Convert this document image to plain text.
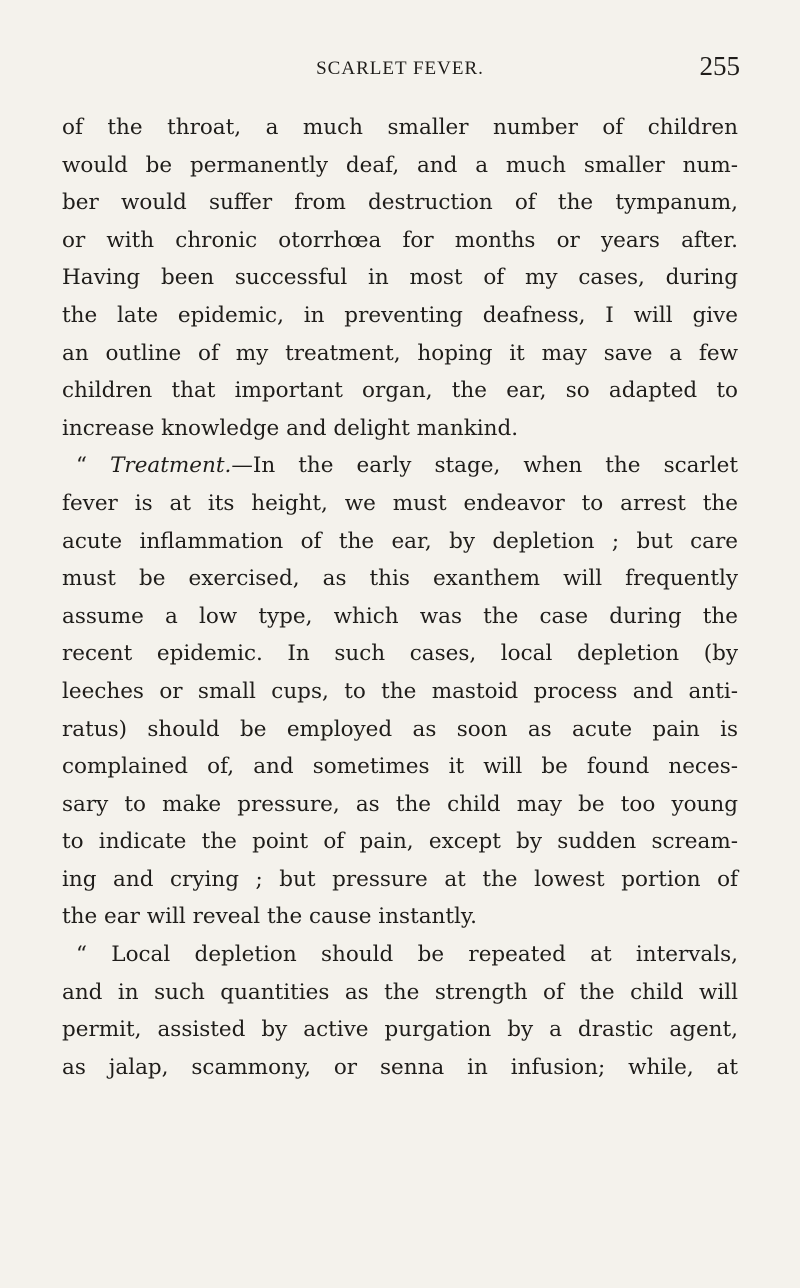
SCARLET FEVER.	255
of the throat, a much smaller number of children
would be permanently deaf, and a much smaller num-
ber would suffer from destruction of the tympanum,
or with chronic otorrhœa for months or years after.
Having been successful in most of my cases, during
the late epidemic, in preventing deafness, I will give
an outline of my treatment, hoping it may save a few
children that important organ, the ear, so adapted to
increase knowledge and delight mankind.
“ Treatment.—In the early stage, when the scarlet
fever is at its height, we must endeavor to arrest the
acute inflammation of the ear, by depletion ; but care
must be exercised, as this exanthem will frequently
assume a low type, which was the case during the
recent epidemic. In such cases, local depletion (by
leeches or small cups, to the mastoid process and anti-
ratus) should be employed as soon as acute pain is
complained of, and sometimes it will be found neces-
sary to make pressure, as the child may be too young
to indicate the point of pain, except by sudden scream-
ing and crying ; but pressure at the lowest portion of
the ear will reveal the cause instantly.
“ Local depletion should be repeated at intervals,
and in such quantities as the strength of the child will
permit, assisted by active purgation by a drastic agent,
as jalap, scammony, or senna in infusion; while, at
